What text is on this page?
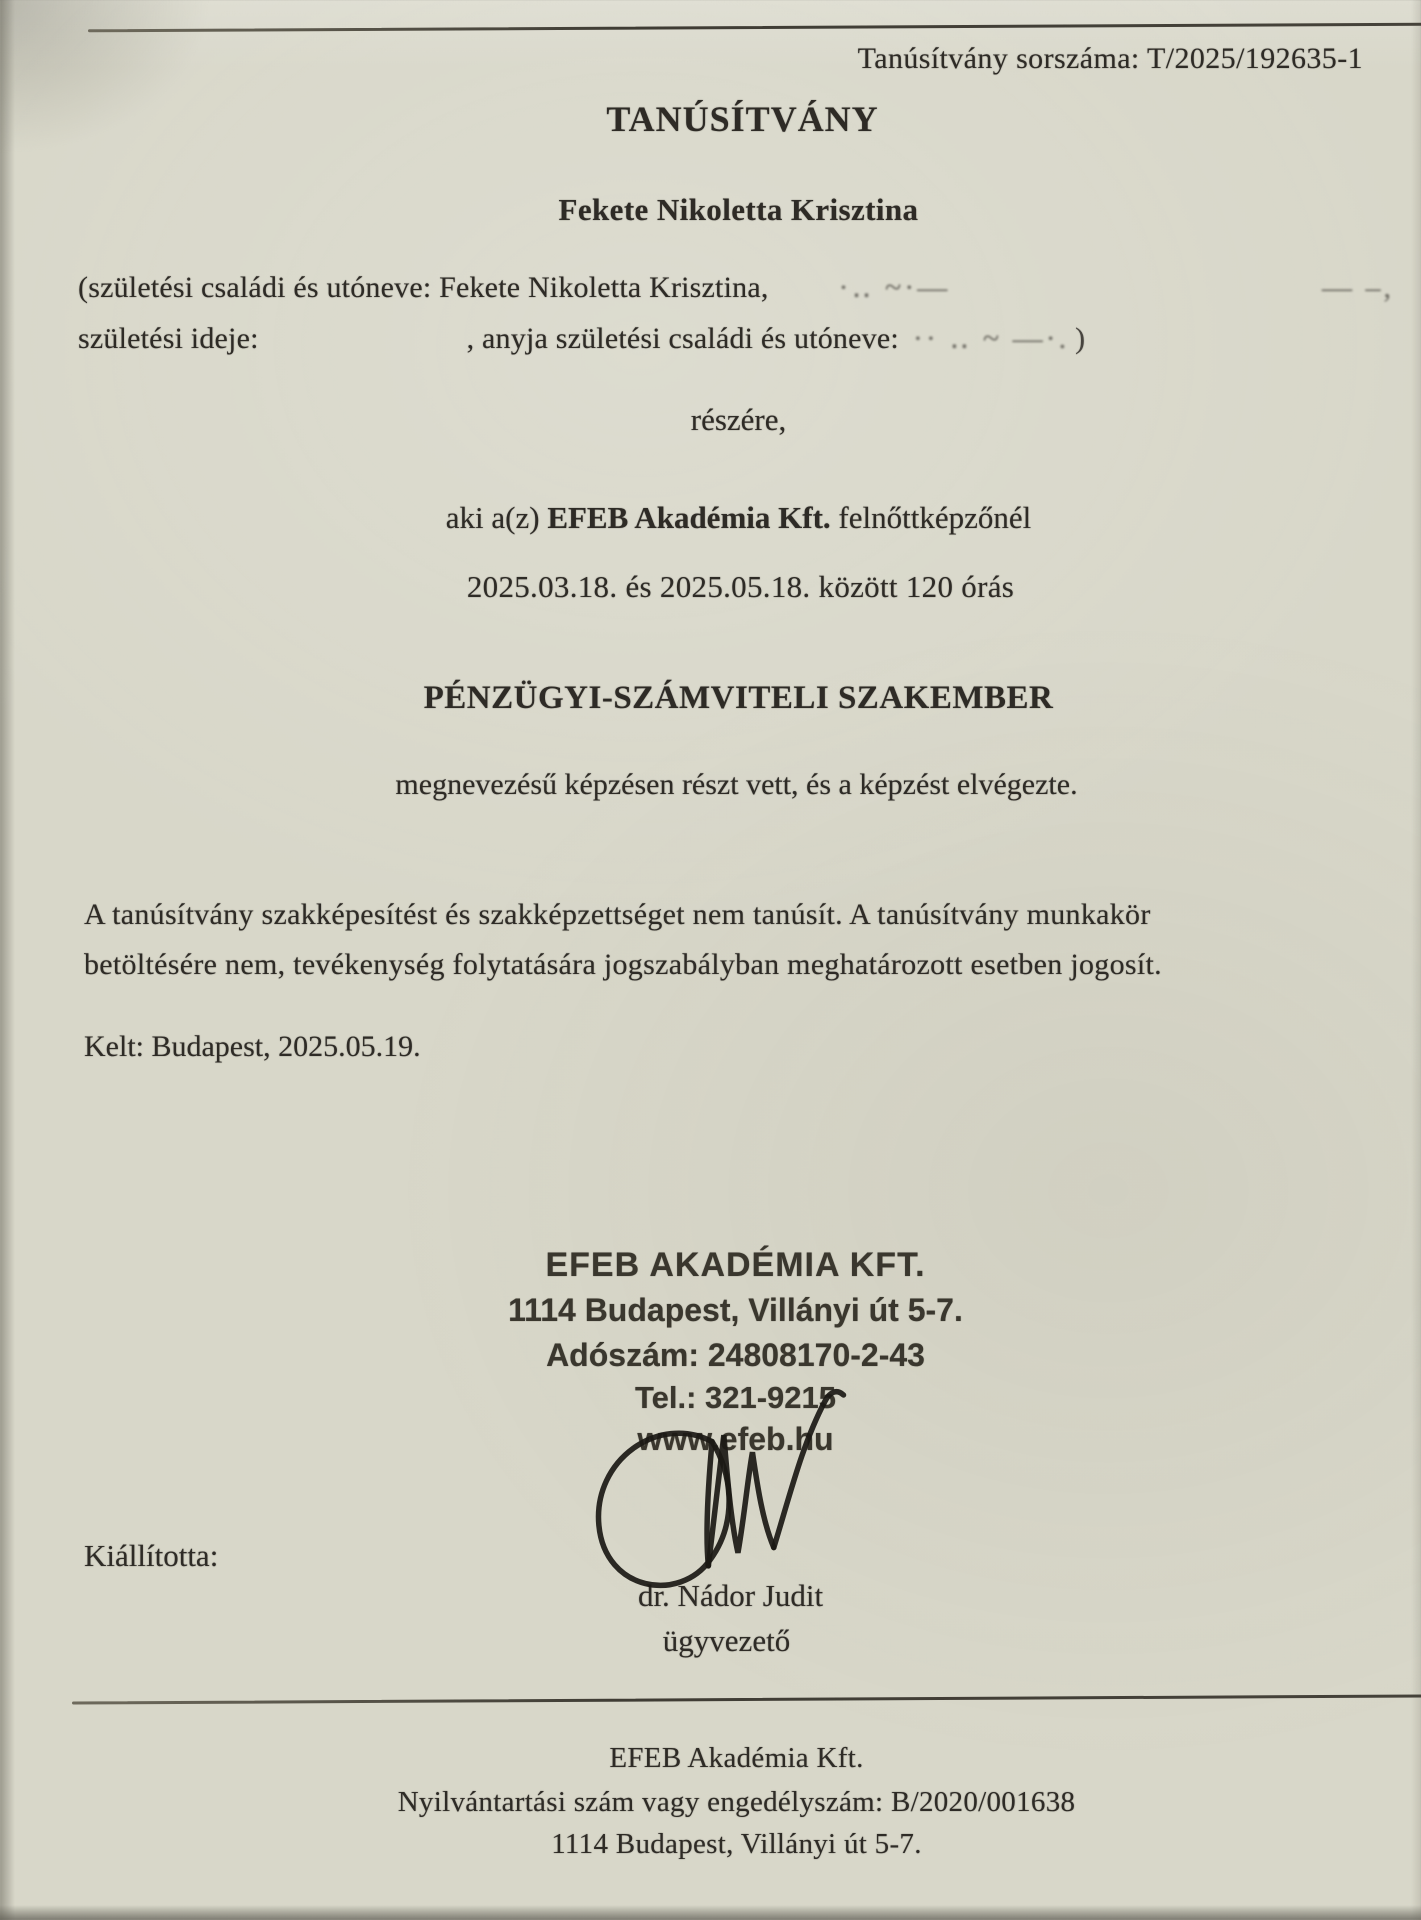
Tanúsítvány sorszáma: T/2025/192635-1
TANÚSÍTVÁNY
Fekete Nikoletta Krisztina
(születési családi és utóneve: Fekete Nikoletta Krisztina, ·‥ ~·—	— –,
születési ideje:	, anyja születési családi és utóneve: ·· ‥ ~ —·. )
részére,
aki a(z) EFEB Akadémia Kft. felnőttképzőnél
2025.03.18. és 2025.05.18. között 120 órás
PÉNZÜGYI-SZÁMVITELI SZAKEMBER
megnevezésű képzésen részt vett, és a képzést elvégezte.
A tanúsítvány szakképesítést és szakképzettséget nem tanúsít. A tanúsítvány munkakör
betöltésére nem, tevékenység folytatására jogszabályban meghatározott esetben jogosít.
Kelt: Budapest, 2025.05.19.
EFEB AKADÉMIA KFT.
1114 Budapest, Villányi út 5-7.
Adószám: 24808170-2-43
Tel.: 321-9215
www.efeb.hu
Kiállította:
dr. Nádor Judit
ügyvezető
EFEB Akadémia Kft.
Nyilvántartási szám vagy engedélyszám: B/2020/001638
1114 Budapest, Villányi út 5-7.
